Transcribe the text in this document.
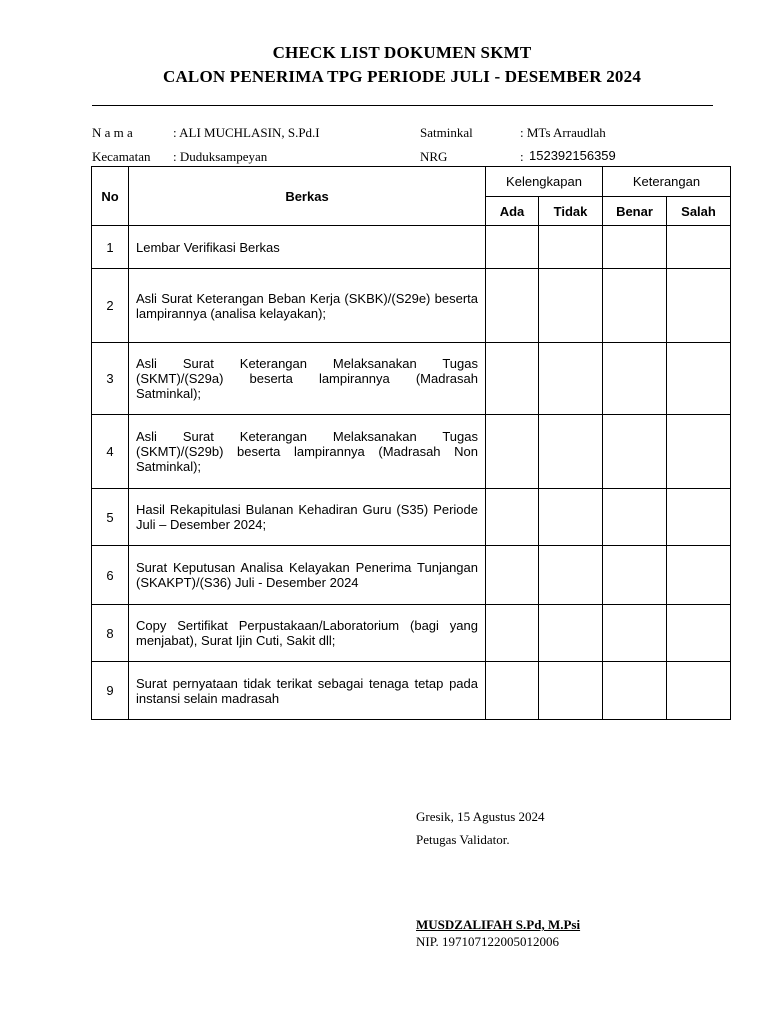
CHECK LIST DOKUMEN SKMT
CALON PENERIMA TPG PERIODE JULI - DESEMBER 2024
N a m a	: ALI MUCHLASIN, S.Pd.I	Satminkal	: MTs Arraudlah
Kecamatan : Duduksampeyan	NRG	: 152392156359
No	Berkas	Kelengkapan		Keterangan	
		Ada	Tidak	Benar	Salah
1	Lembar Verifikasi Berkas				
2	Asli Surat Keterangan Beban Kerja (SKBK)/(S29e) beserta lampirannya (analisa kelayakan);				
3	Asli Surat Keterangan Melaksanakan Tugas (SKMT)/(S29a) beserta lampirannya (Madrasah Satminkal);				
4	Asli Surat Keterangan Melaksanakan Tugas (SKMT)/(S29b) beserta lampirannya (Madrasah Non Satminkal);				
5	Hasil Rekapitulasi Bulanan Kehadiran Guru (S35) Periode Juli – Desember 2024;				
6	Surat Keputusan Analisa Kelayakan Penerima Tunjangan (SKAKPT)/(S36) Juli - Desember 2024				
8	Copy Sertifikat Perpustakaan/Laboratorium (bagi yang menjabat), Surat Ijin Cuti, Sakit dll;				
9	Surat pernyataan tidak terikat sebagai tenaga tetap pada instansi selain madrasah				
Gresik, 15 Agustus 2024
Petugas Validator.
MUSDZALIFAH S.Pd, M.Psi
NIP. 197107122005012006
